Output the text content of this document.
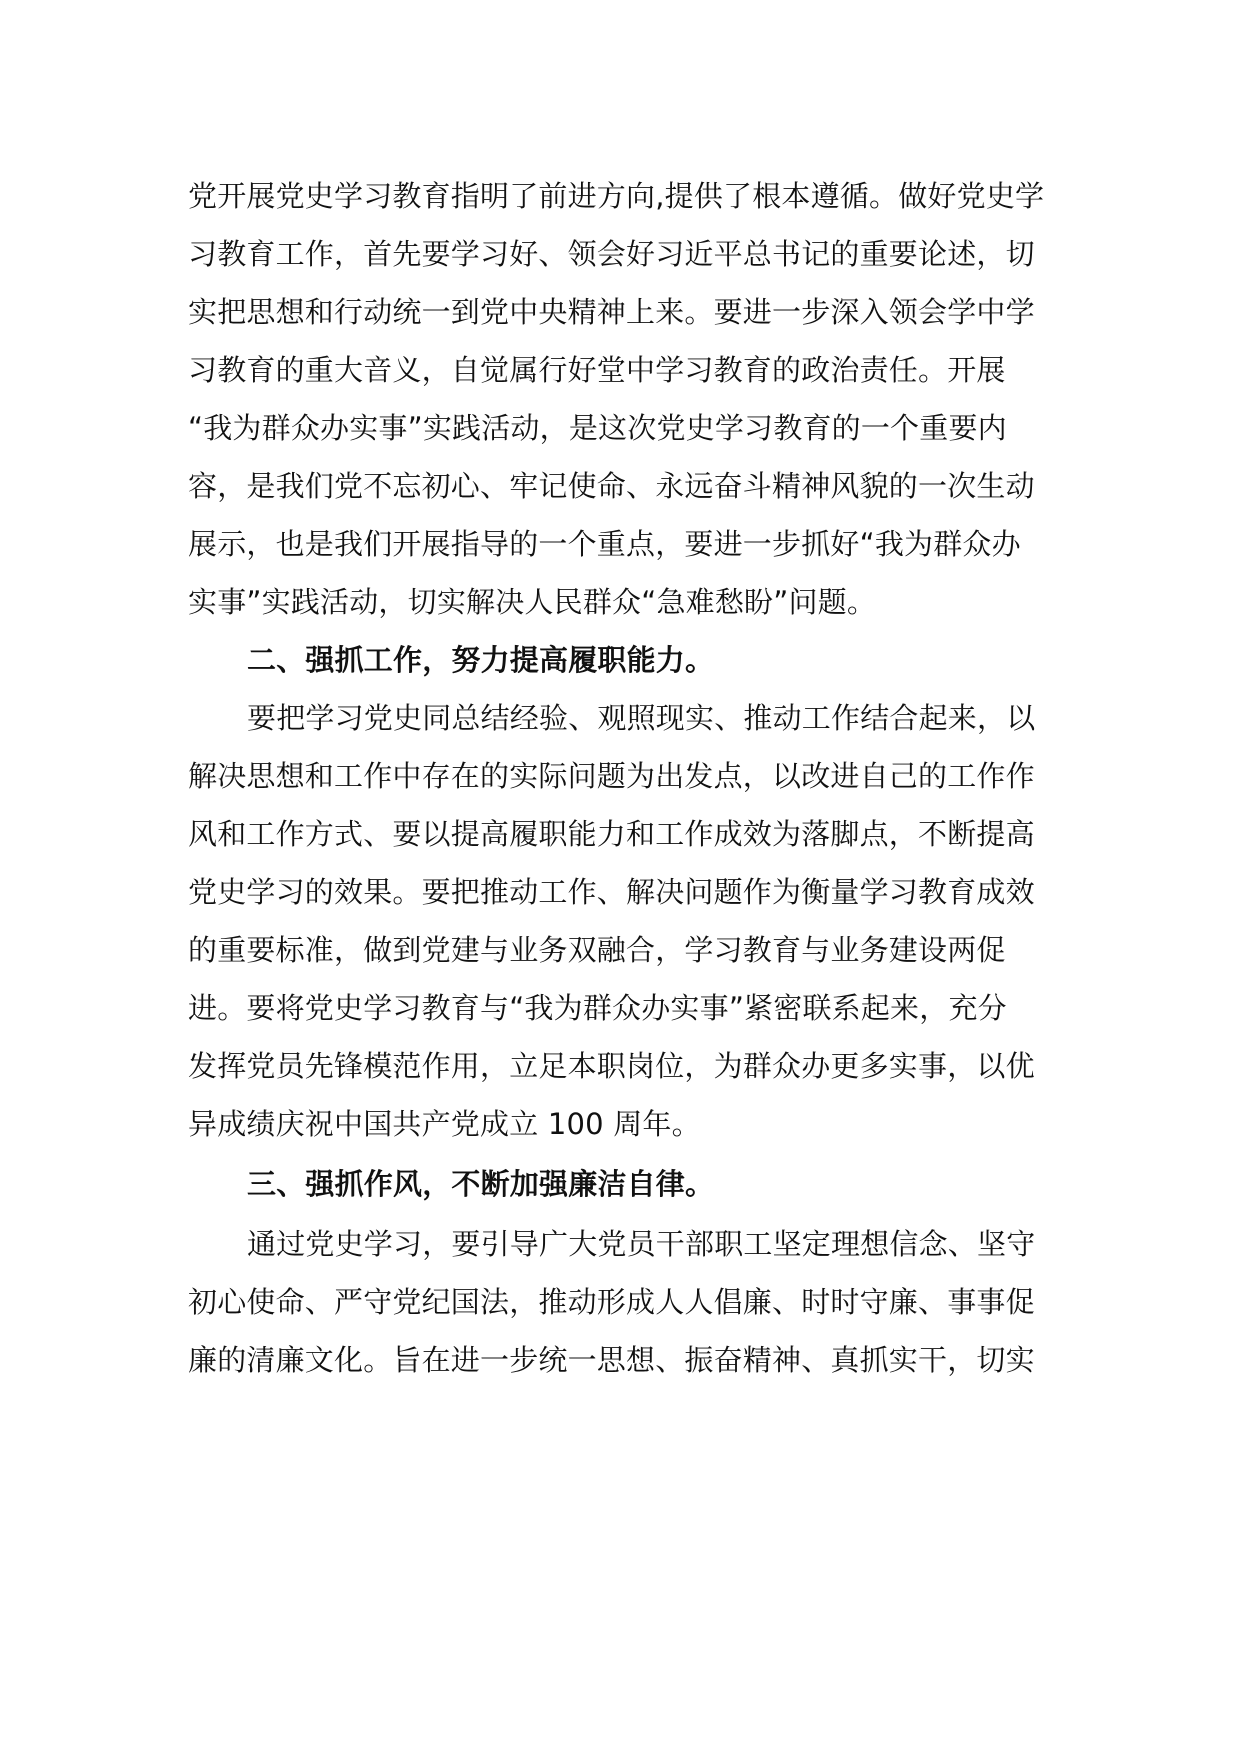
党开展党史学习教育指明了前进方向,提供了根本遵循。做好党史学
习教育工作，首先要学习好、领会好习近平总书记的重要论述，切
实把思想和行动统一到党中央精神上来。要进一步深入领会学中学
习教育的重大音义，自觉属行好堂中学习教育的政治责任。开展
“我为群众办实事”实践活动，是这次党史学习教育的一个重要内
容，是我们党不忘初心、牢记使命、永远奋斗精神风貌的一次生动
展示，也是我们开展指导的一个重点，要进一步抓好“我为群众办
实事”实践活动，切实解决人民群众“急难愁盼”问题。
二、强抓工作，努力提高履职能力。
要把学习党史同总结经验、观照现实、推动工作结合起来，以
解决思想和工作中存在的实际问题为出发点，以改进自己的工作作
风和工作方式、要以提高履职能力和工作成效为落脚点，不断提高
党史学习的效果。要把推动工作、解决问题作为衡量学习教育成效
的重要标准，做到党建与业务双融合，学习教育与业务建设两促
进。要将党史学习教育与“我为群众办实事”紧密联系起来，充分
发挥党员先锋模范作用，立足本职岗位，为群众办更多实事，以优
异成绩庆祝中国共产党成立 100 周年。
三、强抓作风，不断加强廉洁自律。
通过党史学习，要引导广大党员干部职工坚定理想信念、坚守
初心使命、严守党纪国法，推动形成人人倡廉、时时守廉、事事促
廉的清廉文化。旨在进一步统一思想、振奋精神、真抓实干，切实
